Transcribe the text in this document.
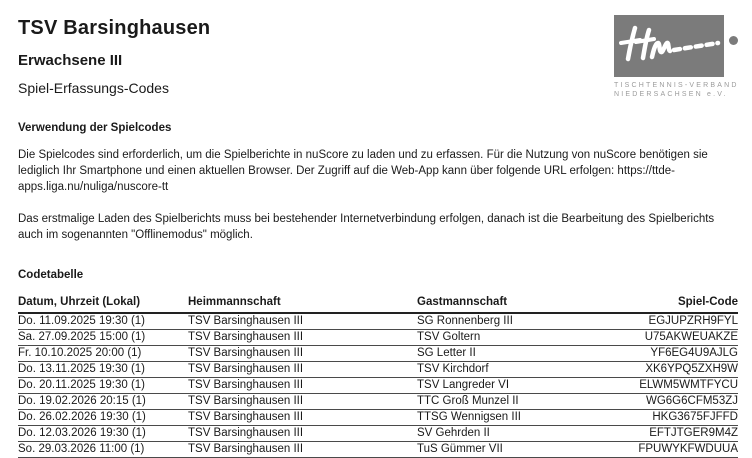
TISCHTENNIS-VERBAND
NIEDERSACHSEN e.V.
TSV Barsinghausen
Erwachsene III
Spiel-Erfassungs-Codes
Verwendung der Spielcodes

Die Spielcodes sind erforderlich, um die Spielberichte in nuScore zu laden und zu erfassen. Für die Nutzung von nuScore benötigen sie lediglich Ihr Smartphone und einen aktuellen Browser. Der Zugriff auf die Web-App kann über folgende URL erfolgen: https://ttde-apps.liga.nu/nuliga/nuscore-tt

Das erstmalige Laden des Spielberichts muss bei bestehender Internetverbindung erfolgen, danach ist die Bearbeitung des Spielberichts auch im sogenannten "Offlinemodus" möglich.

Codetabelle
Datum, Uhrzeit (Lokal)	Heimmannschaft	Gastmannschaft	Spiel-Code
Do. 11.09.2025 19:30 (1)	TSV Barsinghausen III	SG Ronnenberg III	EGJUPZRH9FYL
Sa. 27.09.2025 15:00 (1)	TSV Barsinghausen III	TSV Goltern	U75AKWEUAKZE
Fr. 10.10.2025 20:00 (1)	TSV Barsinghausen III	SG Letter II	YF6EG4U9AJLG
Do. 13.11.2025 19:30 (1)	TSV Barsinghausen III	TSV Kirchdorf	XK6YPQ5ZXH9W
Do. 20.11.2025 19:30 (1)	TSV Barsinghausen III	TSV Langreder VI	ELWM5WMTFYCU
Do. 19.02.2026 20:15 (1)	TSV Barsinghausen III	TTC Groß Munzel II	WG6G6CFM53ZJ
Do. 26.02.2026 19:30 (1)	TSV Barsinghausen III	TTSG Wennigsen III	HKG3675FJFFD
Do. 12.03.2026 19:30 (1)	TSV Barsinghausen III	SV Gehrden II	EFTJTGER9M4Z
So. 29.03.2026 11:00 (1)	TSV Barsinghausen III	TuS Gümmer VII	FPUWYKFWDUUA
